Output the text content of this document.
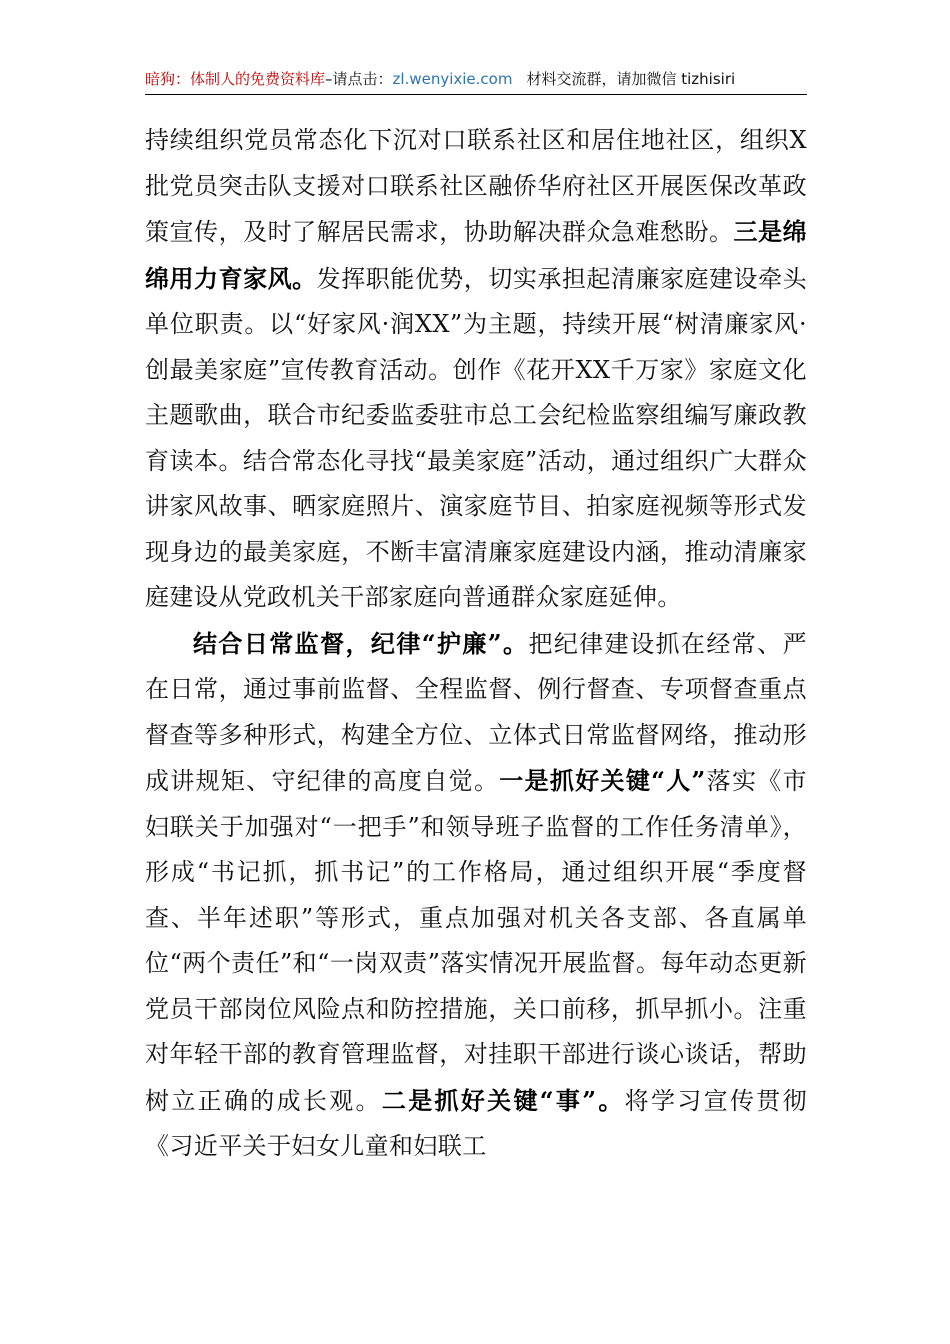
暗狗：体制人的免费资料库–请点击：zl.wenyixie.com 材料交流群，请加微信 tizhisiri

持续组织党员常态化下沉对口联系社区和居住地社区，组织X批党员突击队支援对口联系社区融侨华府社区开展医保改革政策宣传，及时了解居民需求，协助解决群众急难愁盼。三是绵绵用力育家风。发挥职能优势，切实承担起清廉家庭建设牵头单位职责。以“好家风·润XX”为主题，持续开展“树清廉家风·创最美家庭”宣传教育活动。创作《花开XX千万家》家庭文化主题歌曲，联合市纪委监委驻市总工会纪检监察组编写廉政教育读本。结合常态化寻找“最美家庭”活动，通过组织广大群众讲家风故事、晒家庭照片、演家庭节目、拍家庭视频等形式发现身边的最美家庭，不断丰富清廉家庭建设内涵，推动清廉家庭建设从党政机关干部家庭向普通群众家庭延伸。

结合日常监督，纪律“护廉”。把纪律建设抓在经常、严在日常，通过事前监督、全程监督、例行督查、专项督查重点督查等多种形式，构建全方位、立体式日常监督网络，推动形成讲规矩、守纪律的高度自觉。一是抓好关键“人”落实《市妇联关于加强对“一把手”和领导班子监督的工作任务清单》，形成“书记抓，抓书记”的工作格局，通过组织开展“季度督查、半年述职”等形式，重点加强对机关各支部、各直属单位“两个责任”和“一岗双责”落实情况开展监督。每年动态更新党员干部岗位风险点和防控措施，关口前移，抓早抓小。注重对年轻干部的教育管理监督，对挂职干部进行谈心谈话，帮助树立正确的成长观。二是抓好关键“事”。将学习宣传贯彻《习近平关于妇女儿童和妇联工
